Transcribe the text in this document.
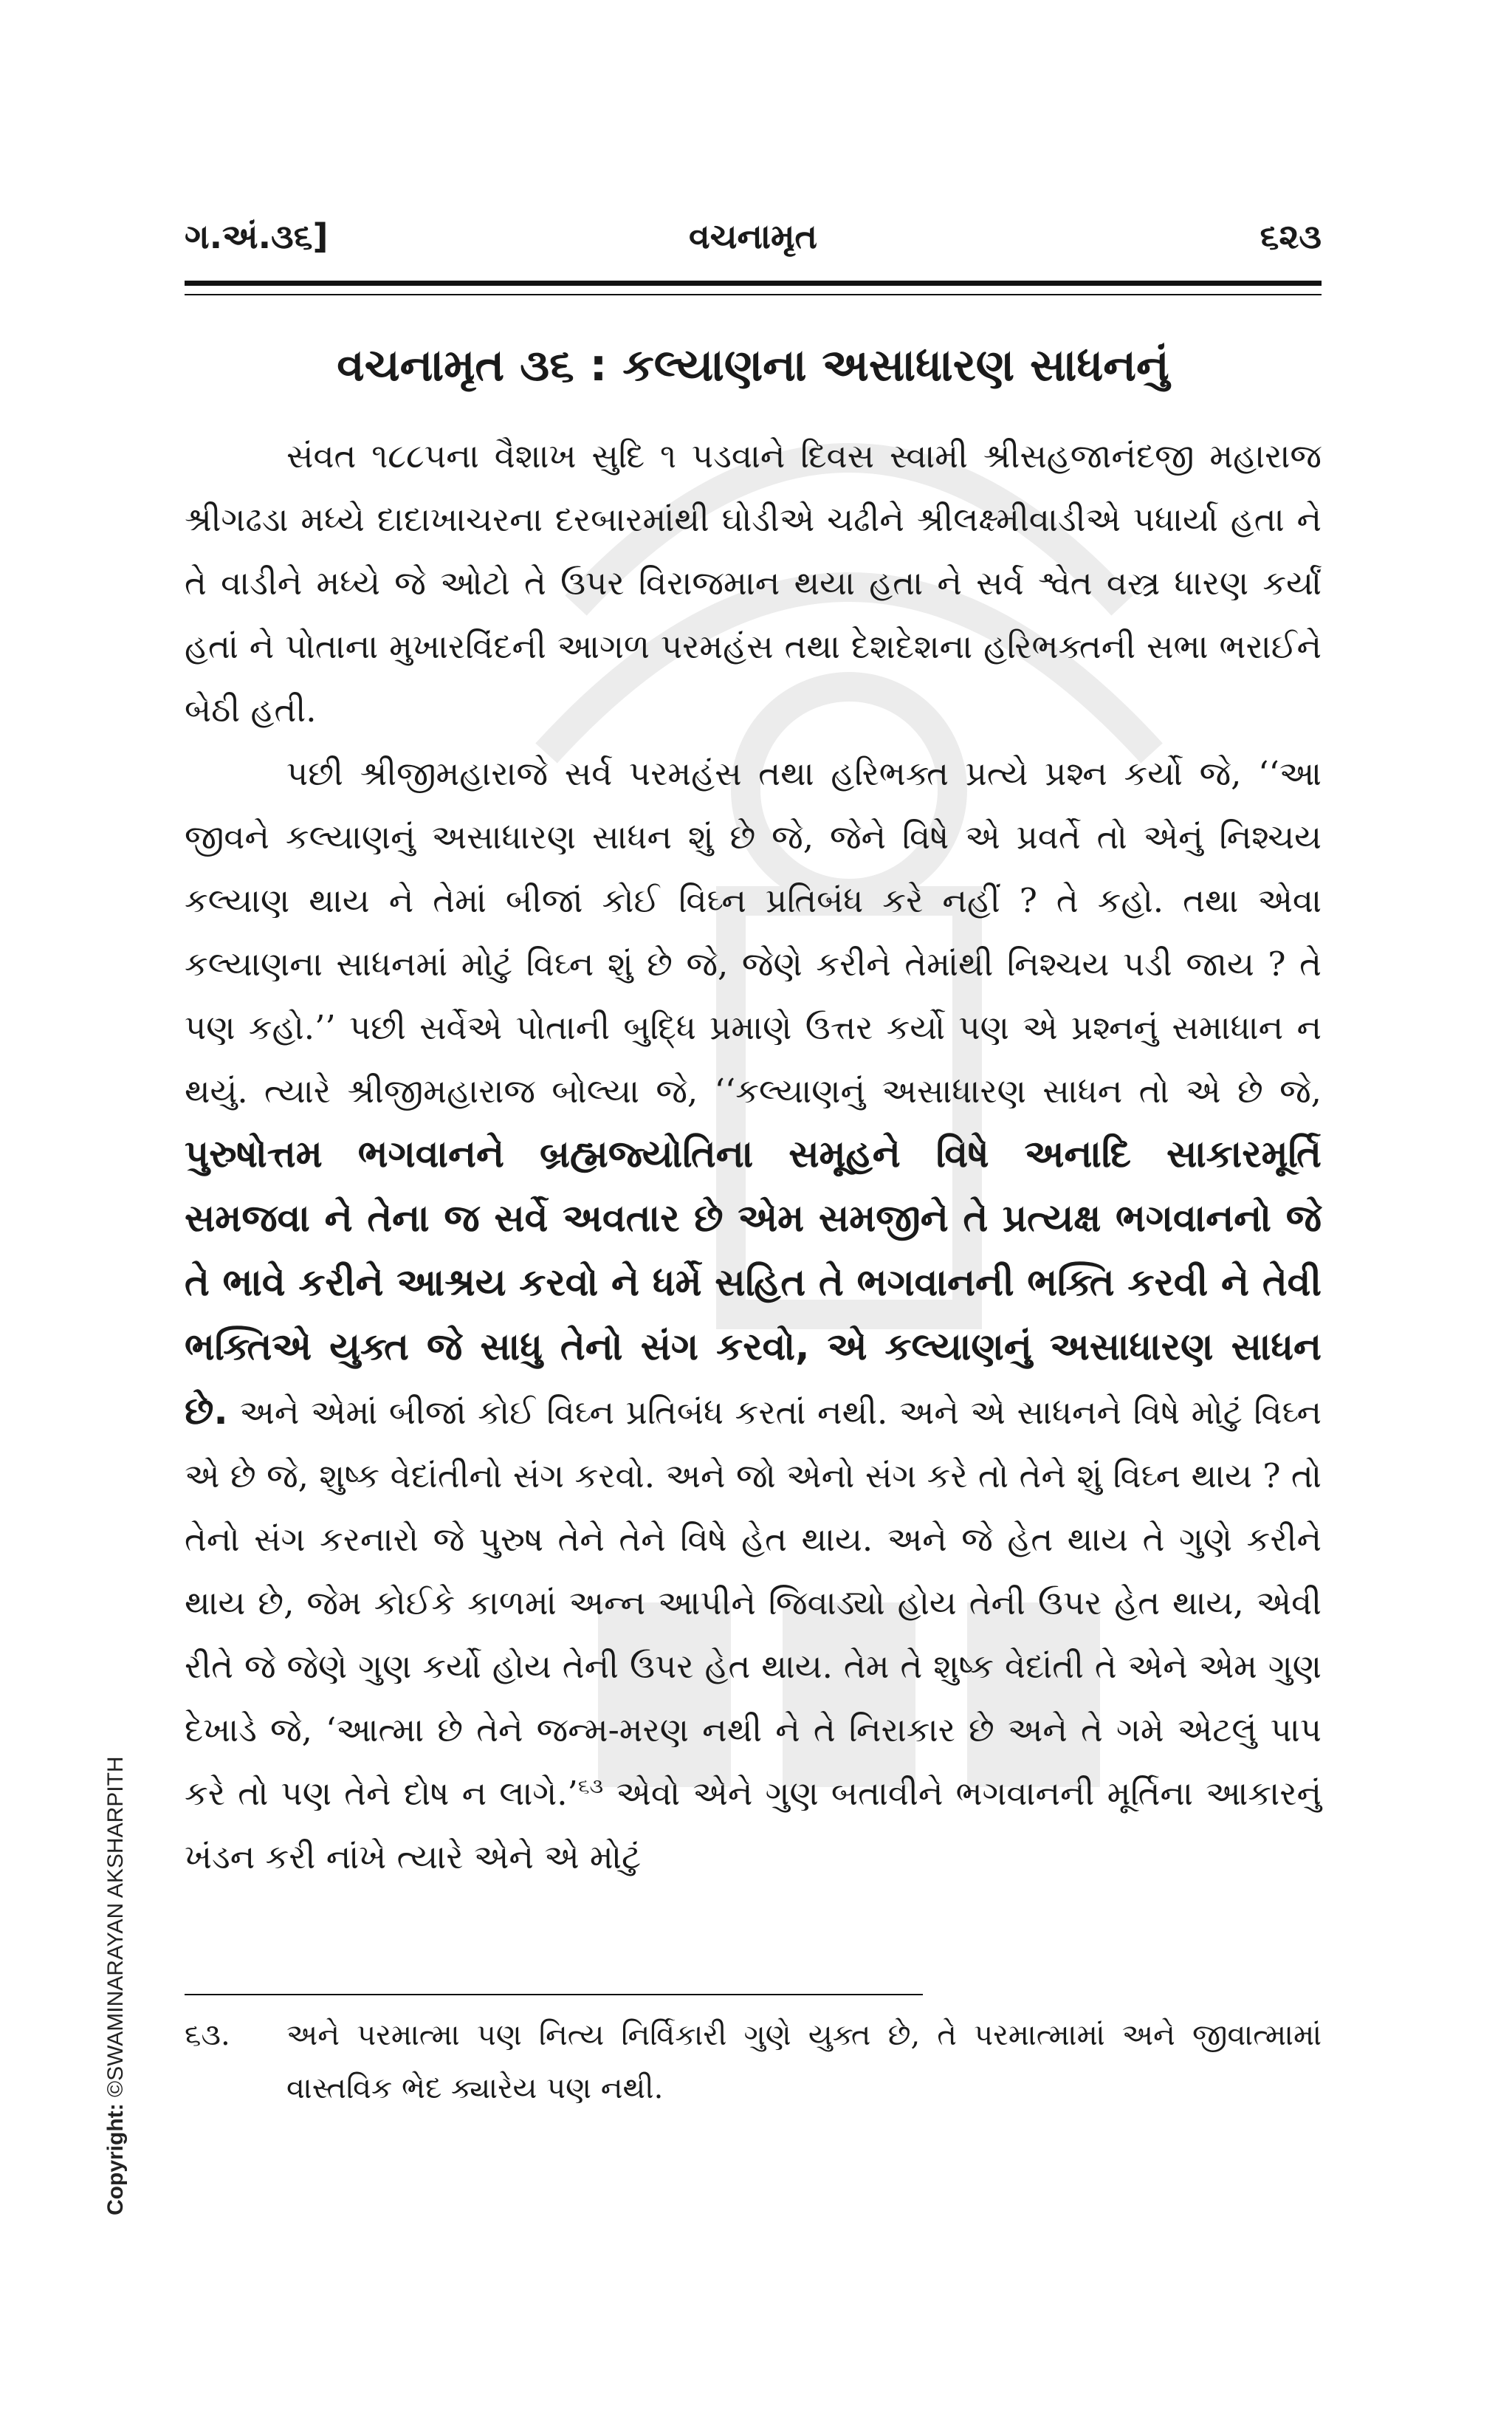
ગ.અં.૩૬]	વચનામૃત	૬૨૩
વચનામૃત ૩૬ : કલ્યાણના અસાધારણ સાધનનું

સંવત ૧૮૮૫ના વૈશાખ સુદિ ૧ પડવાને દિવસ સ્વામી શ્રીસહજાનંદજી મહારાજ શ્રીગઢડા મધ્યે દાદાખાચરના દરબારમાંથી ઘોડીએ ચઢીને શ્રીલક્ષ્મીવાડીએ પધાર્યા હતા ને તે વાડીને મધ્યે જે ઓટો તે ઉપર વિરાજમાન થયા હતા ને સર્વ શ્વેત વસ્ત્ર ધારણ કર્યાં હતાં ને પોતાના મુખારવિંદની આગળ પરમહંસ તથા દેશદેશના હરિભક્તની સભા ભરાઈને બેઠી હતી.

પછી શ્રીજીમહારાજે સર્વ પરમહંસ તથા હરિભક્ત પ્રત્યે પ્રશ્ન કર્યો જે, ‘‘આ જીવને કલ્યાણનું અસાધારણ સાધન શું છે જે, જેને વિષે એ પ્રવર્તે તો એનું નિશ્ચય કલ્યાણ થાય ને તેમાં બીજાં કોઈ વિઘ્ન પ્રતિબંધ કરે નહીં ? તે કહો. તથા એવા કલ્યાણના સાધનમાં મોટું વિઘ્ન શું છે જે, જેણે કરીને તેમાંથી નિશ્ચય પડી જાય ? તે પણ કહો.’’ પછી સર્વેએ પોતાની બુદ્ધિ પ્રમાણે ઉત્તર કર્યો પણ એ પ્રશ્નનું સમાધાન ન થયું. ત્યારે શ્રીજીમહારાજ બોલ્યા જે, ‘‘કલ્યાણનું અસાધારણ સાધન તો એ છે જે, પુરુષોત્તમ ભગવાનને બ્રહ્મજ્યોતિના સમૂહને વિષે અનાદિ સાકારમૂર્તિ સમજવા ને તેના જ સર્વે અવતાર છે એમ સમજીને તે પ્રત્યક્ષ ભગવાનનો જે તે ભાવે કરીને આશ્રય કરવો ને ધર્મે સહિત તે ભગવાનની ભક્તિ કરવી ને તેવી ભક્તિએ યુક્ત જે સાધુ તેનો સંગ કરવો, એ કલ્યાણનું અસાધારણ સાધન છે. અને એમાં બીજાં કોઈ વિઘ્ન પ્રતિબંધ કરતાં નથી. અને એ સાધનને વિષે મોટું વિઘ્ન એ છે જે, શુષ્ક વેદાંતીનો સંગ કરવો. અને જો એનો સંગ કરે તો તેને શું વિઘ્ન થાય ? તો તેનો સંગ કરનારો જે પુરુષ તેને તેને વિષે હેત થાય. અને જે હેત થાય તે ગુણે કરીને થાય છે, જેમ કોઈકે કાળમાં અન્ન આપીને જિવાડ્યો હોય તેની ઉપર હેત થાય, એવી રીતે જે જેણે ગુણ કર્યો હોય તેની ઉપર હેત થાય. તેમ તે શુષ્ક વેદાંતી તે એને એમ ગુણ દેખાડે જે, ‘આત્મા છે તેને જન્મ-મરણ નથી ને તે નિરાકાર છે અને તે ગમે એટલું પાપ કરે તો પણ તેને દોષ ન લાગે.’$^{૬૩}$ એવો એને ગુણ બતાવીને ભગવાનની મૂર્તિના આકારનું ખંડન કરી નાંખે ત્યારે એને એ મોટું

૬૩. અને પરમાત્મા પણ નિત્ય નિર્વિકારી ગુણે યુક્ત છે, તે પરમાત્મામાં અને જીવાત્મામાં વાસ્તવિક ભેદ ક્યારેય પણ નથી.
Copyright: ©SWAMINARAYAN AKSHARPITH
